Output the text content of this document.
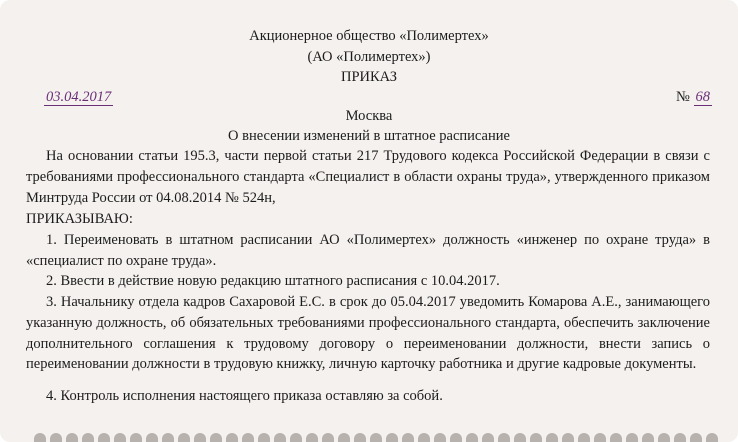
Акционерное общество «Полимертех»
(АО «Полимертех»)
ПРИКАЗ
03.04.2017	№ 68
Москва
О внесении изменений в штатное расписание
На основании статьи 195.3, части первой статьи 217 Трудового кодекса Российской Федерации в связи с требованиями профессионального стандарта «Специалист в области охраны труда», утвержденного приказом Минтруда России от 04.08.2014 № 524н,
ПРИКАЗЫВАЮ:
1. Переименовать в штатном расписании АО «Полимертех» должность «инженер по охране труда» в «специалист по охране труда».
2. Ввести в действие новую редакцию штатного расписания с 10.04.2017.
3. Начальнику отдела кадров Сахаровой Е.С. в срок до 05.04.2017 уведомить Комарова А.Е., занимающего указанную должность, об обязательных требованиями профессионального стандарта, обеспечить заключение дополнительного соглашения к трудовому договору о переименовании должности, внести запись о переименовании должности в трудовую книжку, личную карточку работника и другие кадровые документы.
4. Контроль исполнения настоящего приказа оставляю за собой.
